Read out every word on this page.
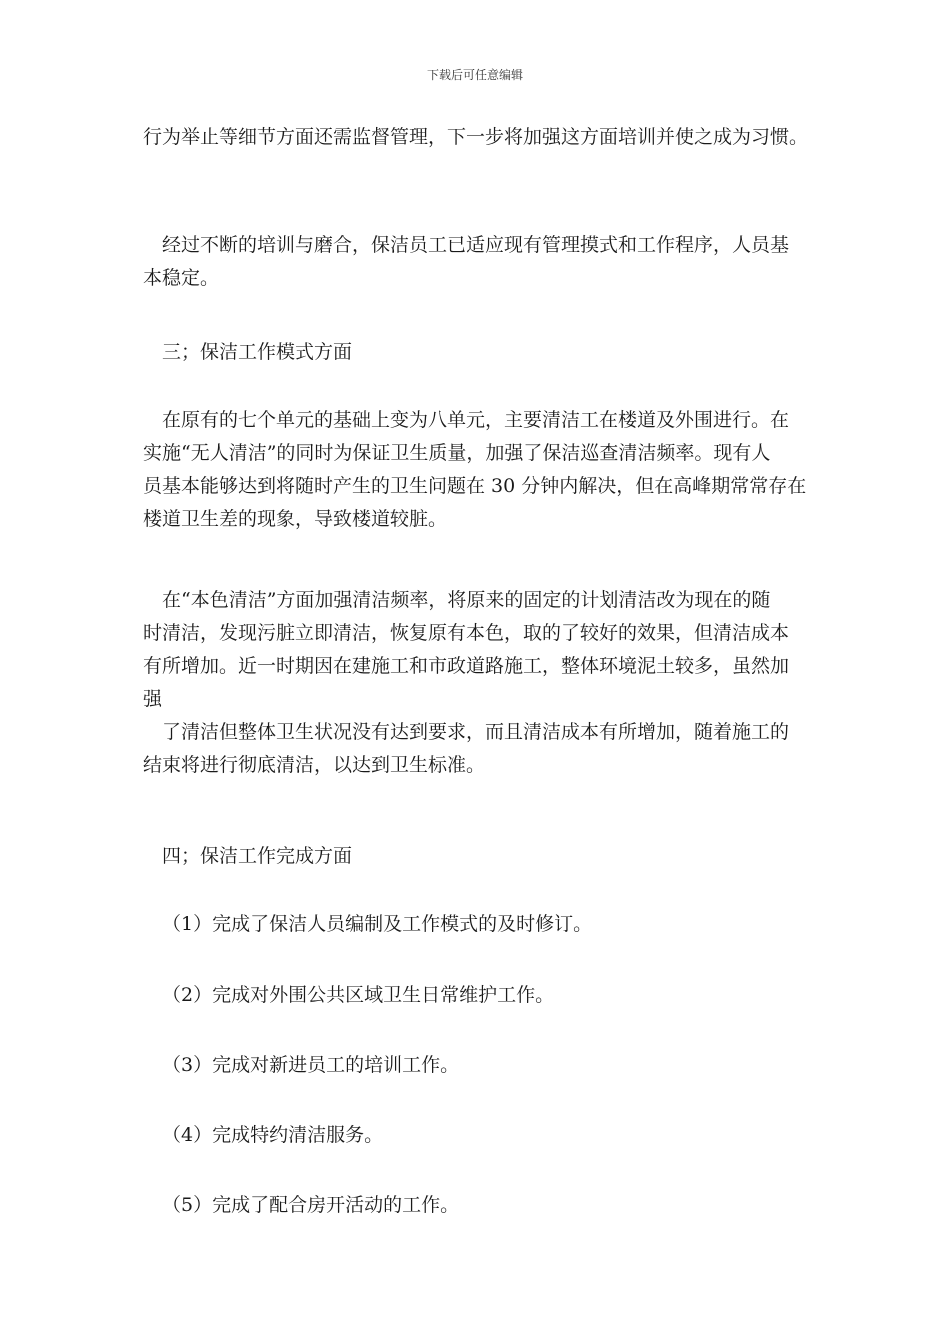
下载后可任意编辑
行为举止等细节方面还需监督管理，下一步将加强这方面培训并使之成为习惯。
经过不断的培训与磨合，保洁员工已适应现有管理摸式和工作程序，人员基
本稳定。
三；保洁工作模式方面
在原有的七个单元的基础上变为八单元，主要清洁工在楼道及外围进行。在
实施“无人清洁”的同时为保证卫生质量，加强了保洁巡查清洁频率。现有人
员基本能够达到将随时产生的卫生问题在 30 分钟内解决，但在高峰期常常存在
楼道卫生差的现象，导致楼道较脏。
在“本色清洁”方面加强清洁频率，将原来的固定的计划清洁改为现在的随
时清洁，发现污脏立即清洁，恢复原有本色，取的了较好的效果，但清洁成本
有所增加。近一时期因在建施工和市政道路施工，整体环境泥土较多，虽然加
强
了清洁但整体卫生状况没有达到要求，而且清洁成本有所增加，随着施工的
结束将进行彻底清洁，以达到卫生标准。
四；保洁工作完成方面
（1）完成了保洁人员编制及工作模式的及时修订。
（2）完成对外围公共区域卫生日常维护工作。
（3）完成对新进员工的培训工作。
（4）完成特约清洁服务。
（5）完成了配合房开活动的工作。
